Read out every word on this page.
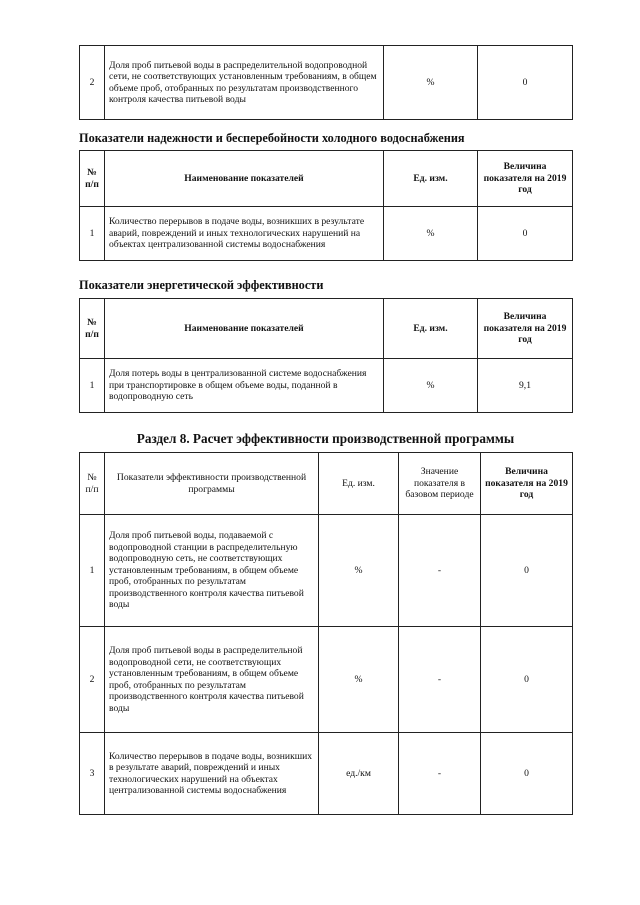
2	Доля проб питьевой воды в распределительной водопроводной сети, не соответствующих установленным требованиям, в общем объеме проб, отобранных по результатам производственного контроля качества питьевой воды	%	0
Показатели надежности и бесперебойности холодного водоснабжения
№ п/п	Наименование показателей	Ед. изм.	Величина показателя на 2019 год
1	Количество перерывов в подаче воды, возникших в результате аварий, повреждений и иных технологических нарушений на объектах централизованной системы водоснабжения	%	0
Показатели энергетической эффективности
№ п/п	Наименование показателей	Ед. изм.	Величина показателя на 2019 год
1	Доля потерь воды в централизованной системе водоснабжения при транспортировке в общем объеме воды, поданной в водопроводную сеть	%	9,1
Раздел 8. Расчет эффективности производственной программы
№ п/п	Показатели эффективности производственной программы	Ед. изм.	Значение показателя в базовом периоде	Величина показателя на 2019 год
1	Доля проб питьевой воды, подаваемой с водопроводной станции в распределительную водопроводную сеть, не соответствующих установленным требованиям, в общем объеме проб, отобранных по результатам производственного контроля качества питьевой воды	%	-	0
2	Доля проб питьевой воды в распределительной водопроводной сети, не соответствующих установленным требованиям, в общем объеме проб, отобранных по результатам производственного контроля качества питьевой воды	%	-	0
3	Количество перерывов в подаче воды, возникших в результате аварий, повреждений и иных технологических нарушений на объектах централизованной системы водоснабжения	ед./км	-	0
